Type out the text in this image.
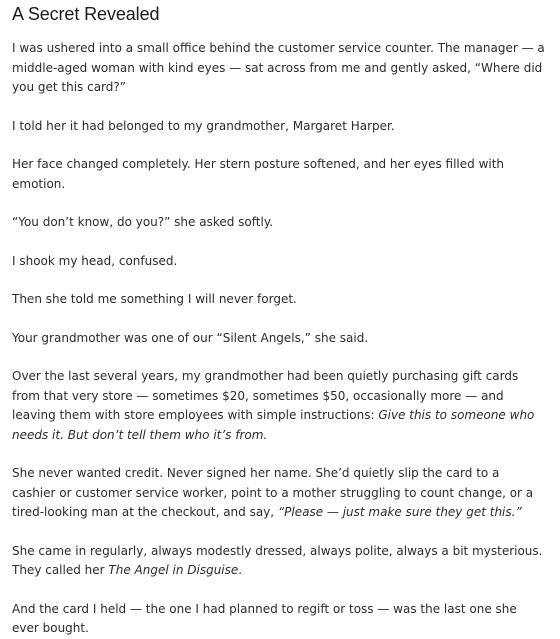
A Secret Revealed

I was ushered into a small office behind the customer service counter. The manager — a middle-aged woman with kind eyes — sat across from me and gently asked, “Where did you get this card?”

I told her it had belonged to my grandmother, Margaret Harper.

Her face changed completely. Her stern posture softened, and her eyes filled with emotion.

“You don’t know, do you?” she asked softly.

I shook my head, confused.

Then she told me something I will never forget.

Your grandmother was one of our “Silent Angels,” she said.

Over the last several years, my grandmother had been quietly purchasing gift cards from that very store — sometimes $20, sometimes $50, occasionally more — and leaving them with store employees with simple instructions: Give this to someone who needs it. But don’t tell them who it’s from.

She never wanted credit. Never signed her name. She’d quietly slip the card to a cashier or customer service worker, point to a mother struggling to count change, or a tired-looking man at the checkout, and say, “Please — just make sure they get this.”

She came in regularly, always modestly dressed, always polite, always a bit mysterious. They called her The Angel in Disguise.

And the card I held — the one I had planned to regift or toss — was the last one she ever bought.
